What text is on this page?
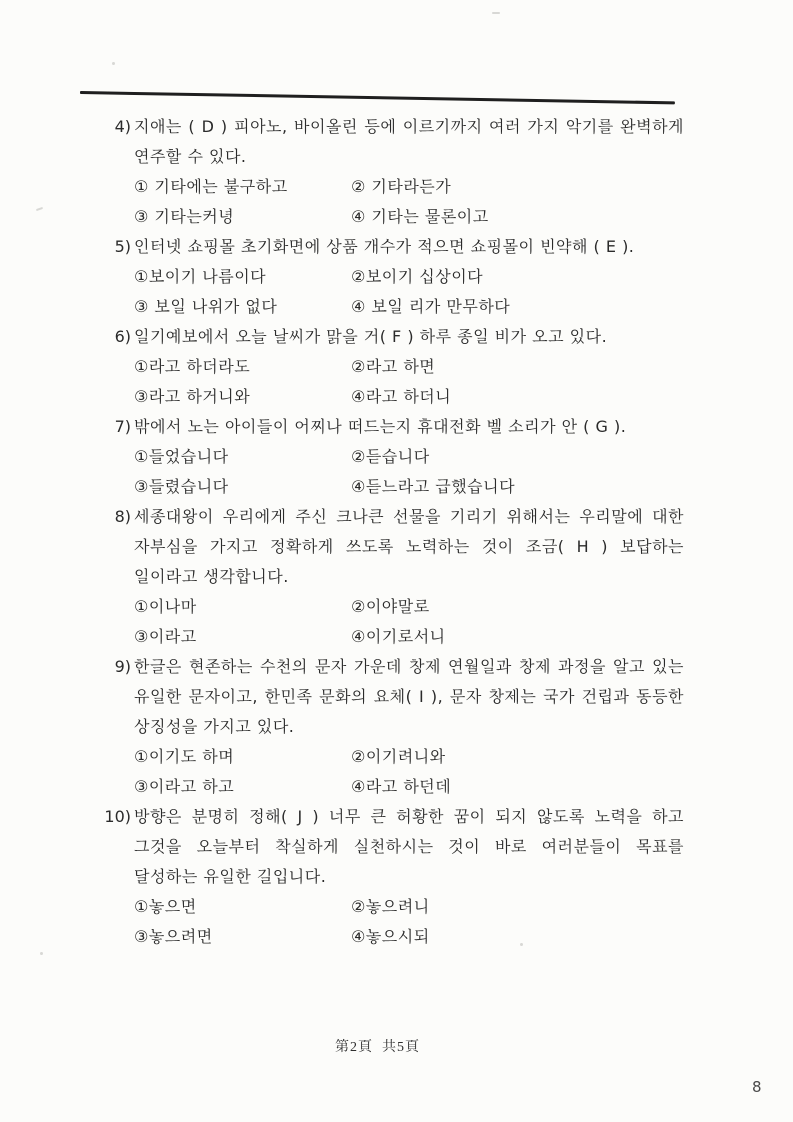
4) 지애는 ( D ) 피아노, 바이올린 등에 이르기까지 여러 가지 악기를 완벽하게 연주할 수 있다.
① 기타에는 불구하고	② 기타라든가
③ 기타는커녕	④ 기타는 물론이고
5) 인터넷 쇼핑몰 초기화면에 상품 개수가 적으면 쇼핑몰이 빈약해 ( E ).
①보이기 나름이다	②보이기 십상이다
③ 보일 나위가 없다	④ 보일 리가 만무하다
6) 일기예보에서 오늘 날씨가 맑을 거( F ) 하루 종일 비가 오고 있다.
①라고 하더라도	②라고 하면
③라고 하거니와	④라고 하더니
7) 밖에서 노는 아이들이 어찌나 떠드는지 휴대전화 벨 소리가 안 ( G ).
①들었습니다	②듣습니다
③들렸습니다	④듣느라고 급했습니다
8) 세종대왕이 우리에게 주신 크나큰 선물을 기리기 위해서는 우리말에 대한 자부심을 가지고 정확하게 쓰도록 노력하는 것이 조금( H ) 보답하는 일이라고 생각합니다.
①이나마	②이야말로
③이라고	④이기로서니
9) 한글은 현존하는 수천의 문자 가운데 창제 연월일과 창제 과정을 알고 있는 유일한 문자이고, 한민족 문화의 요체( I ), 문자 창제는 국가 건립과 동등한 상징성을 가지고 있다.
①이기도 하며	②이기려니와
③이라고 하고	④라고 하던데
10) 방향은 분명히 정해( J ) 너무 큰 허황한 꿈이 되지 않도록 노력을 하고 그것을 오늘부터 착실하게 실천하시는 것이 바로 여러분들이 목표를 달성하는 유일한 길입니다.
①놓으면	②놓으려니
③놓으려면	④놓으시되
第2頁  共5頁
8
